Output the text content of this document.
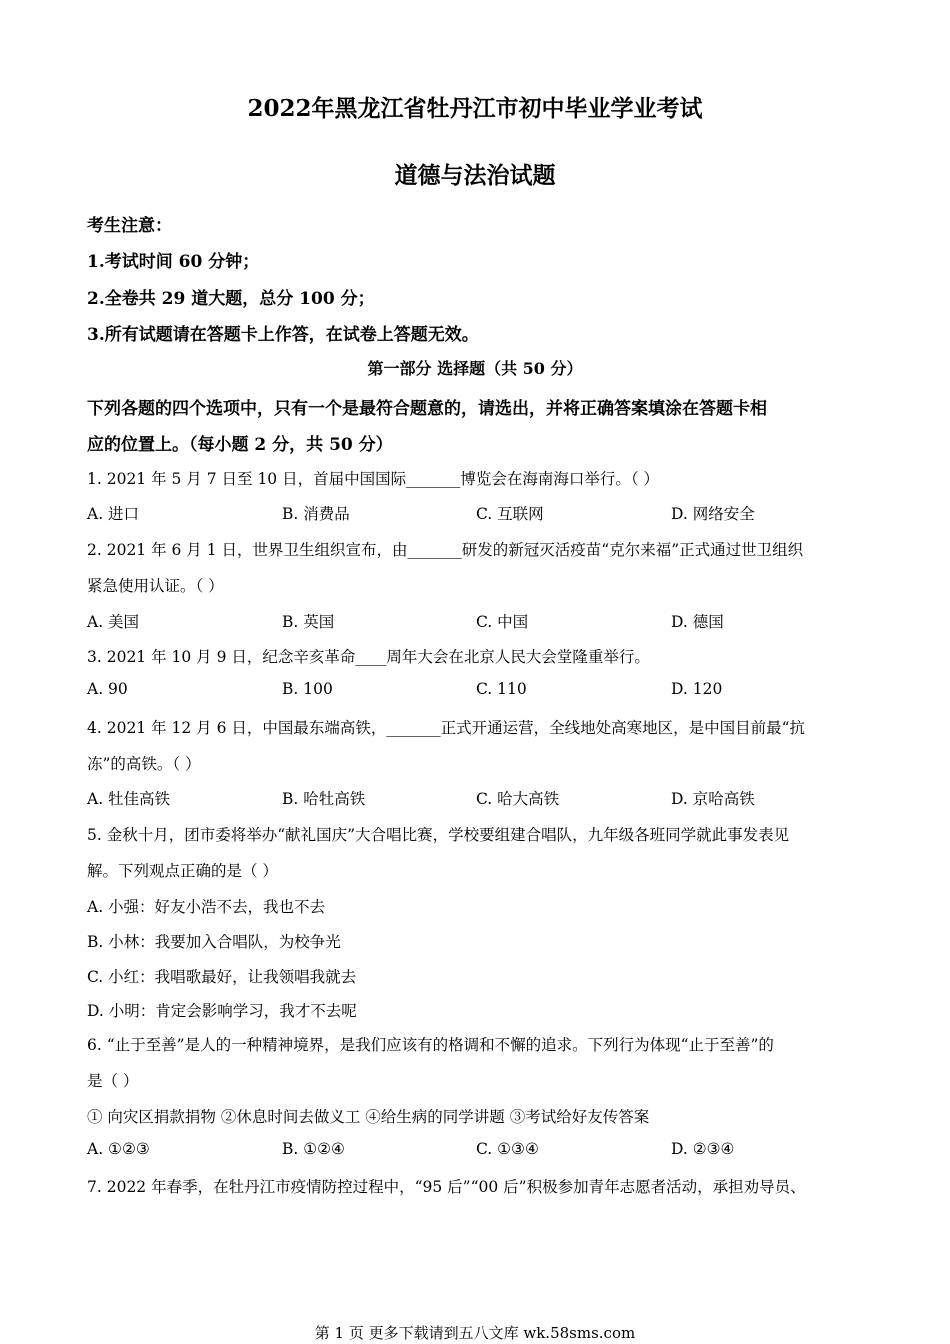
2022年黑龙江省牡丹江市初中毕业学业考试
道德与法治试题
考生注意：
1.考试时间 60 分钟；
2.全卷共 29 道大题，总分 100 分；
3.所有试题请在答题卡上作答，在试卷上答题无效。
第一部分 选择题（共 50 分）
下列各题的四个选项中，只有一个是最符合题意的，请选出，并将正确答案填涂在答题卡相
应的位置上。（每小题 2 分，共 50 分）
1. 2021 年 5 月 7 日至 10 日，首届中国国际_______博览会在海南海口举行。（ ）
A. 进口	B. 消费品	C. 互联网	D. 网络安全
2. 2021 年 6 月 1 日，世界卫生组织宣布，由_______研发的新冠灭活疫苗“克尔来福”正式通过世卫组织
紧急使用认证。（ ）
A. 美国	B. 英国	C. 中国	D. 德国
3. 2021 年 10 月 9 日，纪念辛亥革命____周年大会在北京人民大会堂隆重举行。
A. 90	B. 100	C. 110	D. 120
4. 2021 年 12 月 6 日，中国最东端高铁，_______正式开通运营，全线地处高寒地区，是中国目前最“抗
冻”的高铁。（ ）
A. 牡佳高铁	B. 哈牡高铁	C. 哈大高铁	D. 京哈高铁
5. 金秋十月，团市委将举办“献礼国庆”大合唱比赛，学校要组建合唱队，九年级各班同学就此事发表见
解。下列观点正确的是（ ）
A. 小强：好友小浩不去，我也不去
B. 小林：我要加入合唱队，为校争光
C. 小红：我唱歌最好，让我领唱我就去
D. 小明：肯定会影响学习，我才不去呢
6. “止于至善”是人的一种精神境界，是我们应该有的格调和不懈的追求。下列行为体现“止于至善”的
是（ ）
① 向灾区捐款捐物 ②休息时间去做义工 ④给生病的同学讲题 ③考试给好友传答案
A. ①②③	B. ①②④	C. ①③④	D. ②③④
7. 2022 年春季，在牡丹江市疫情防控过程中，“95 后”“00 后”积极参加青年志愿者活动，承担劝导员、
第 1 页 更多下载请到五八文库 wk.58sms.com
